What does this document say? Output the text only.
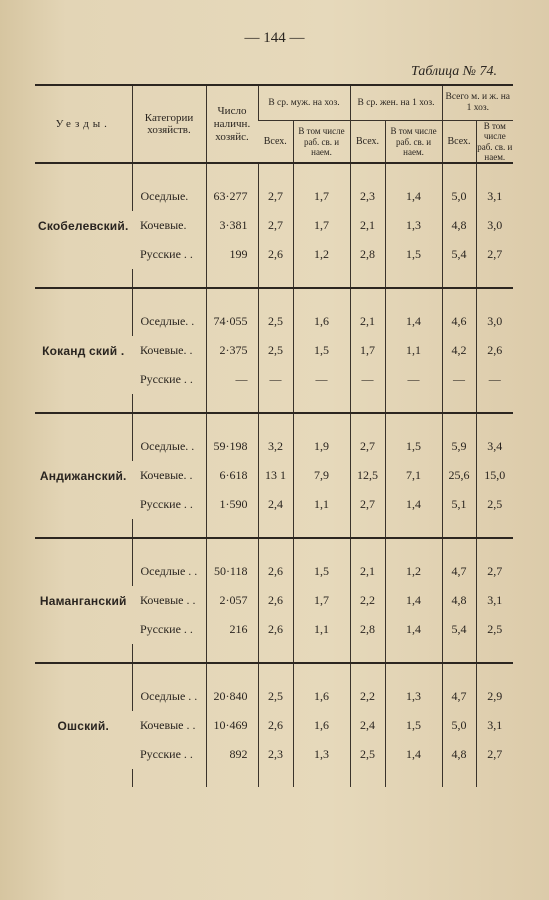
— 144 —
Таблица № 74.
Уезды.	Категории хозяйств.	Число наличн. хозяйс.	В ср. муж. на хоз.		В ср. жен. на 1 хоз.		Всего м. и ж. на 1 хоз.	
			Всех.	В том числе раб. св. и наем.	Всех.	В том числе раб. св. и наем.	Всех.	В том числе раб. св. и наем.

Скобелевский.	Оседлые.	63·277	2,7	1,7	2,3	1,4	5,0	3,1
	Кочевые.	3·381	2,7	1,7	2,1	1,3	4,8	3,0
	Русские . .	199	2,6	1,2	2,8	1,5	5,4	2,7

Коканд ский .	Оседлые. .	74·055	2,5	1,6	2,1	1,4	4,6	3,0
	Кочевые. .	2·375	2,5	1,5	1,7	1,1	4,2	2,6
	Русские . .	—	—	—	—	—	—	—

Андижанский.	Оседлые. .	59·198	3,2	1,9	2,7	1,5	5,9	3,4
	Кочевые. .	6·618	13 1	7,9	12,5	7,1	25,6	15,0
	Русские . .	1·590	2,4	1,1	2,7	1,4	5,1	2,5

Наманганский	Оседлые . .	50·118	2,6	1,5	2,1	1,2	4,7	2,7
	Кочевые . .	2·057	2,6	1,7	2,2	1,4	4,8	3,1
	Русские . .	216	2,6	1,1	2,8	1,4	5,4	2,5

Ошский.	Оседлые . .	20·840	2,5	1,6	2,2	1,3	4,7	2,9
	Кочевые . .	10·469	2,6	1,6	2,4	1,5	5,0	3,1
	Русские . .	892	2,3	1,3	2,5	1,4	4,8	2,7
